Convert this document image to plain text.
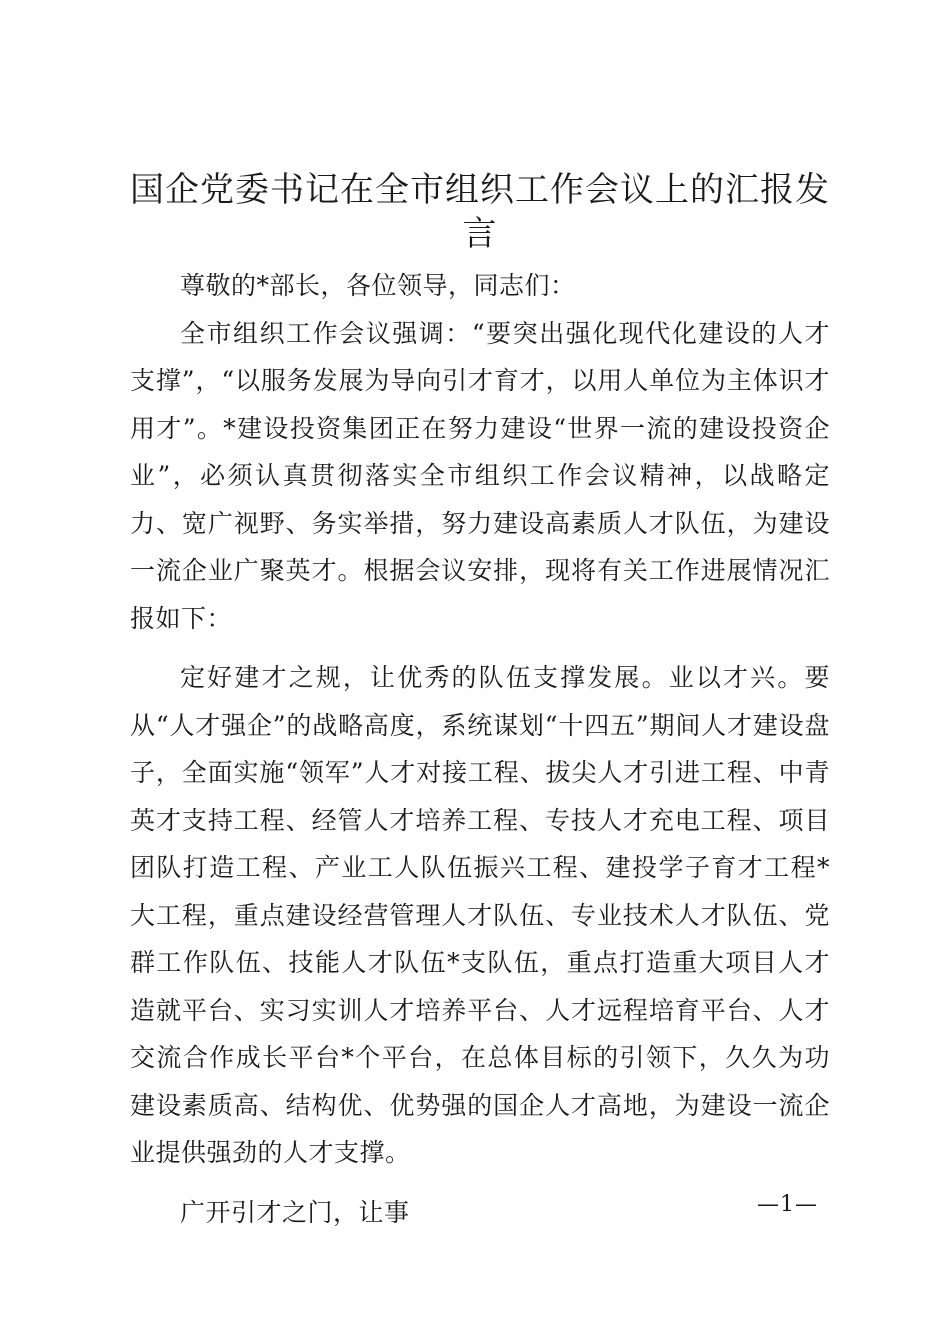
国企党委书记在全市组织工作会议上的汇报发言

尊敬的*部长，各位领导，同志们：

全市组织工作会议强调：“要突出强化现代化建设的人才支撑”，“以服务发展为导向引才育才，以用人单位为主体识才用才”。*建设投资集团正在努力建设“世界一流的建设投资企业”，必须认真贯彻落实全市组织工作会议精神，以战略定力、宽广视野、务实举措，努力建设高素质人才队伍，为建设一流企业广聚英才。根据会议安排，现将有关工作进展情况汇报如下：

定好建才之规，让优秀的队伍支撑发展。业以才兴。要从“人才强企”的战略高度，系统谋划“十四五”期间人才建设盘子，全面实施“领军”人才对接工程、拔尖人才引进工程、中青英才支持工程、经管人才培养工程、专技人才充电工程、项目团队打造工程、产业工人队伍振兴工程、建投学子育才工程*大工程，重点建设经营管理人才队伍、专业技术人才队伍、党群工作队伍、技能人才队伍*支队伍，重点打造重大项目人才造就平台、实习实训人才培养平台、人才远程培育平台、人才交流合作成长平台*个平台，在总体目标的引领下，久久为功建设素质高、结构优、优势强的国企人才高地，为建设一流企业提供强劲的人才支撑。

广开引才之门，让事	—1—
